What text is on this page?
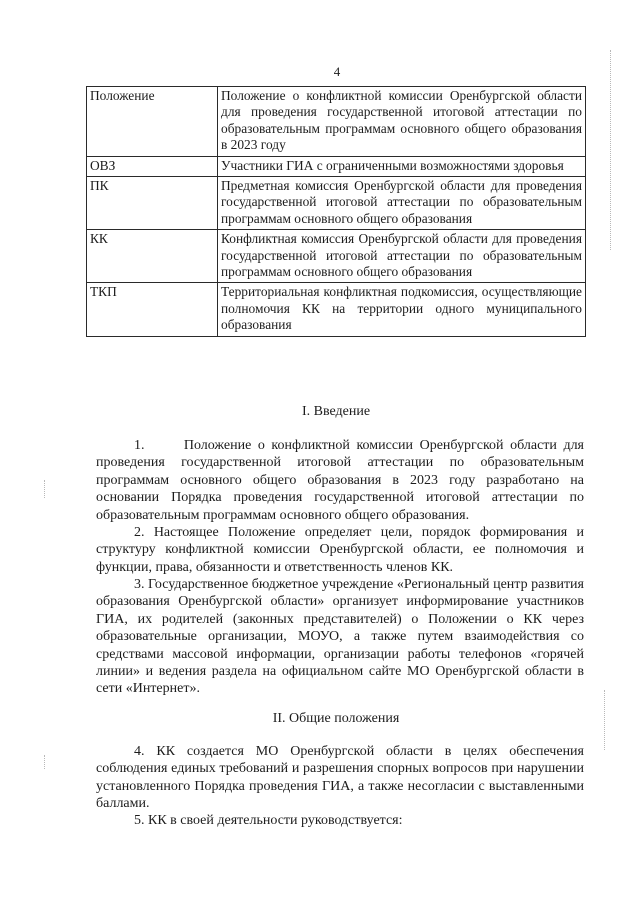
4
Положение	Положение о конфликтной комиссии Оренбургской области для проведения государственной итоговой аттестации по образовательным программам основного общего образования в 2023 году
ОВЗ	Участники ГИА с ограниченными возможностями здоровья
ПК	Предметная комиссия Оренбургской области для проведения государственной итоговой аттестации по образовательным программам основного общего образования
КК	Конфликтная комиссия Оренбургской области для проведения государственной итоговой аттестации по образовательным программам основного общего образования
ТКП	Территориальная конфликтная подкомиссия, осуществляющие полномочия КК на территории одного муниципального образования
I. Введение

1.	Положение о конфликтной комиссии Оренбургской области для проведения государственной итоговой аттестации по образовательным программам основного общего образования в 2023 году разработано на основании Порядка проведения государственной итоговой аттестации по образовательным программам основного общего образования.

2. Настоящее Положение определяет цели, порядок формирования и структуру конфликтной комиссии Оренбургской области, ее полномочия и функции, права, обязанности и ответственность членов КК.

3. Государственное бюджетное учреждение «Региональный центр развития образования Оренбургской области» организует информирование участников ГИА, их родителей (законных представителей) о Положении о КК через образовательные организации, МОУО, а также путем взаимодействия со средствами массовой информации, организации работы телефонов «горячей линии» и ведения раздела на официальном сайте МО Оренбургской области в сети «Интернет».

II. Общие положения

4. КК создается МО Оренбургской области в целях обеспечения соблюдения единых требований и разрешения спорных вопросов при нарушении установленного Порядка проведения ГИА, а также несогласии с выставленными баллами.

5. КК в своей деятельности руководствуется:
